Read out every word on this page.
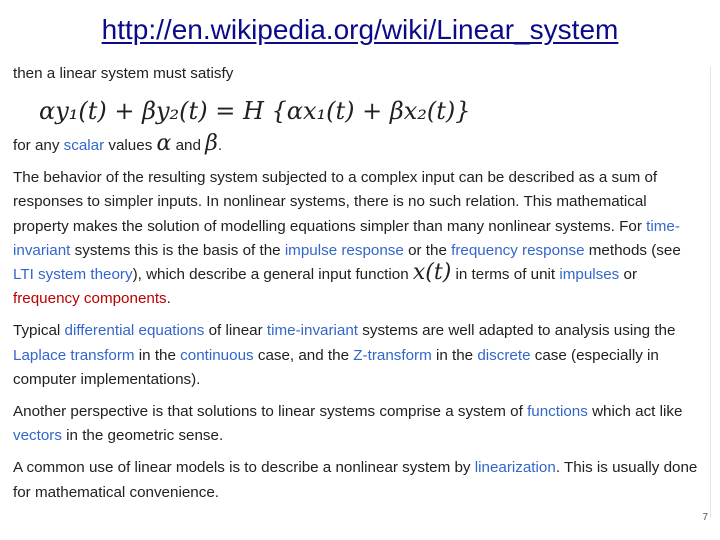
http://en.wikipedia.org/wiki/Linear_system

then a linear system must satisfy

αy₁(t) + βy₂(t) = H {αx₁(t) + βx₂(t)}

for any scalar values α and β.

The behavior of the resulting system subjected to a complex input can be described as a sum of responses to simpler inputs. In nonlinear systems, there is no such relation. This mathematical property makes the solution of modelling equations simpler than many nonlinear systems. For time-invariant systems this is the basis of the impulse response or the frequency response methods (see LTI system theory), which describe a general input function x(t) in terms of unit impulses or frequency components.

Typical differential equations of linear time-invariant systems are well adapted to analysis using the Laplace transform in the continuous case, and the Z-transform in the discrete case (especially in computer implementations).

Another perspective is that solutions to linear systems comprise a system of functions which act like vectors in the geometric sense.

A common use of linear models is to describe a nonlinear system by linearization. This is usually done for mathematical convenience.

7
